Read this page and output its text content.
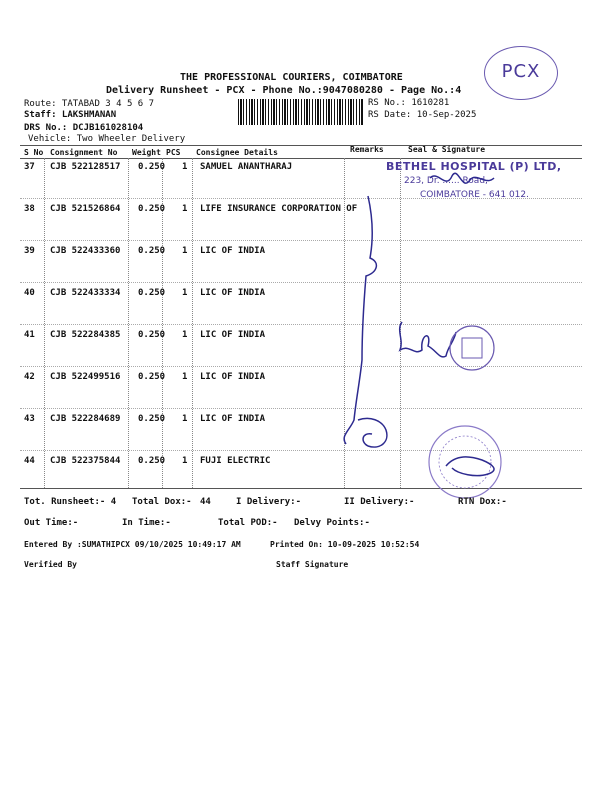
PCX
THE PROFESSIONAL COURIERS, COIMBATORE
Delivery Runsheet - PCX - Phone No.:9047080280 - Page No.:4
Route: TATABAD 3 4 5 6 7
Staff: LAKSHMANAN
DRS No.: DCJB161028104
Vehicle: Two Wheeler Delivery
RS No.: 1610281
RS Date: 10-Sep-2025
S No Consignment No Weight PCS Consignee Details	Remarks	Seal & Signature
37 CJB 522128517 0.250 1 SAMUEL ANANTHARAJ
38 CJB 521526864 0.250 1 LIFE INSURANCE CORPORATION OF
39 CJB 522433360 0.250 1 LIC OF INDIA
40 CJB 522433334 0.250 1 LIC OF INDIA
41 CJB 522284385 0.250 1 LIC OF INDIA
42 CJB 522499516 0.250 1 LIC OF INDIA
43 CJB 522284689 0.250 1 LIC OF INDIA
44 CJB 522375844 0.250 1 FUJI ELECTRIC
BETHEL HOSPITAL (P) LTD,
223, Dr. ...... Road,
COIMBATORE - 641 012.
Tot. Runsheet:- 4 Total Dox:- 44	I Delivery:-	II Delivery:-	RTN Dox:-
Out Time:-	In Time:-	Total POD:- Delvy Points:-
Entered By :SUMATHIPCX 09/10/2025 10:49:17 AM	Printed On: 10-09-2025 10:52:54
Verified By	Staff Signature
